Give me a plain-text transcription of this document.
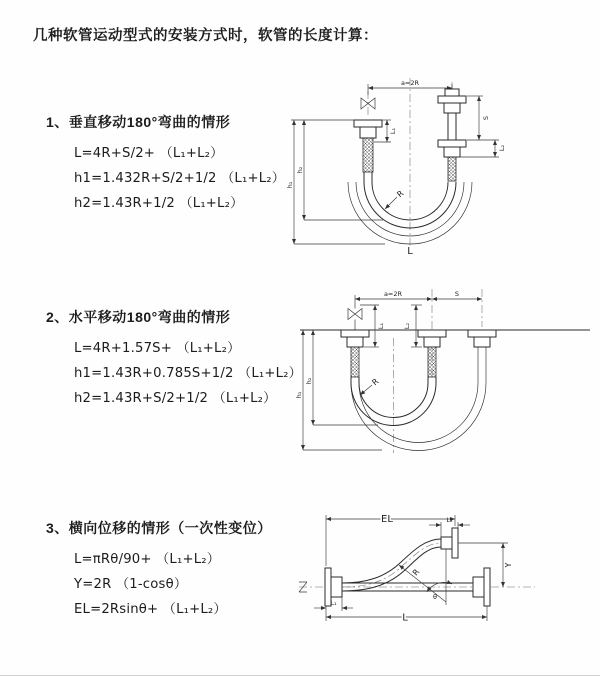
几种软管运动型式的安装方式时，软管的长度计算：
1、垂直移动180°弯曲的情形
L=4R+S/2+ （L₁+L₂）
h1=1.432R+S/2+1/2 （L₁+L₂）
h2=1.43R+1/2 （L₁+L₂）
2、水平移动180°弯曲的情形
L=4R+1.57S+ （L₁+L₂）
h1=1.43R+0.785S+1/2 （L₁+L₂）
h2=1.43R+S/2+1/2 （L₁+L₂）
3、横向位移的情形（一次性变位）
L=πRθ/90+ （L₁+L₂）
Y=2R （1-cosθ）
EL=2Rsinθ+ （L₁+L₂）
a=2R
L₁
S
L₂
h₁
h₂
R
L
a=2R	S
h₁
h₂
L₁	L₂
R
EL	L₂
Y
R
θ
L₁
L
